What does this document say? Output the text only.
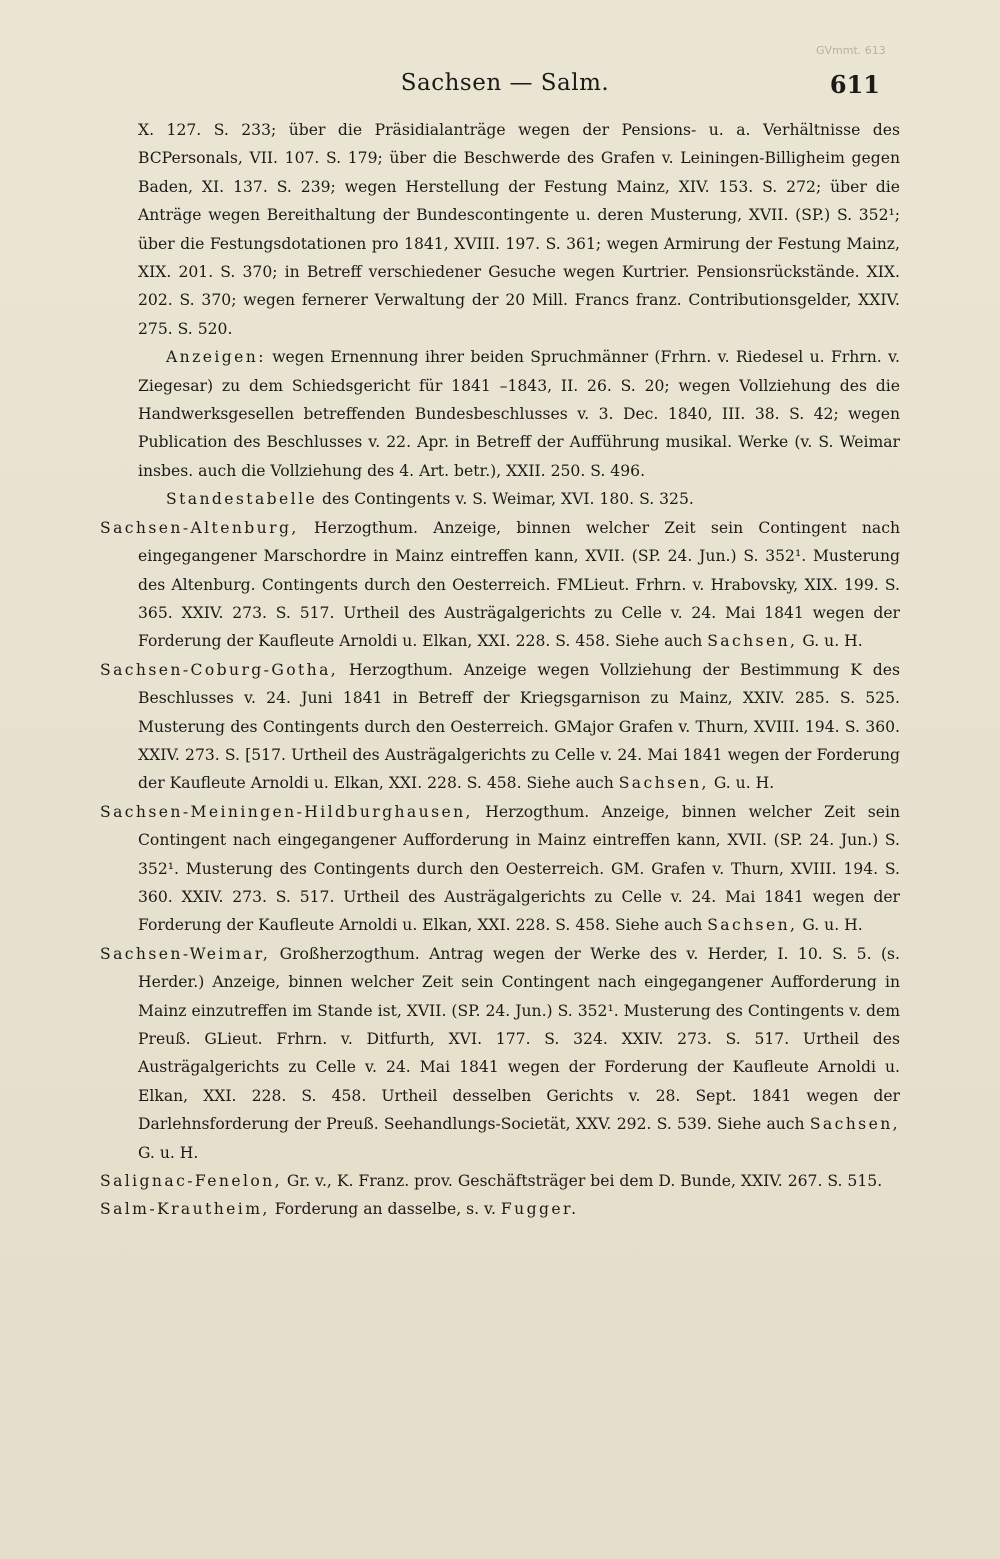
GVmmt. 613
Sachsen — Salm.	611

X. 127. S. 233; über die Präsidialanträge wegen der Pensions- u. a. Verhältnisse des BCPersonals, VII. 107. S. 179; über die Beschwerde des Grafen v. Leiningen-Billigheim gegen Baden, XI. 137. S. 239; wegen Herstellung der Festung Mainz, XIV. 153. S. 272; über die Anträge wegen Bereithaltung der Bundescontingente u. deren Musterung, XVII. (SP.) S. 352¹; über die Festungsdotationen pro 1841, XVIII. 197. S. 361; wegen Armirung der Festung Mainz, XIX. 201. S. 370; in Betreff verschiedener Gesuche wegen Kurtrier. Pensionsrückstände. XIX. 202. S. 370; wegen fernerer Verwaltung der 20 Mill. Francs franz. Contributionsgelder, XXIV. 275. S. 520.

Anzeigen: wegen Ernennung ihrer beiden Spruchmänner (Frhrn. v. Riedesel u. Frhrn. v. Ziegesar) zu dem Schiedsgericht für 1841 –1843, II. 26. S. 20; wegen Vollziehung des die Handwerksgesellen betreffenden Bundesbeschlusses v. 3. Dec. 1840, III. 38. S. 42; wegen Publication des Beschlusses v. 22. Apr. in Betreff der Aufführung musikal. Werke (v. S. Weimar insbes. auch die Vollziehung des 4. Art. betr.), XXII. 250. S. 496.

Standestabelle des Contingents v. S. Weimar, XVI. 180. S. 325.

Sachsen-Altenburg, Herzogthum. Anzeige, binnen welcher Zeit sein Contingent nach eingegangener Marschordre in Mainz eintreffen kann, XVII. (SP. 24. Jun.) S. 352¹. Musterung des Altenburg. Contingents durch den Oesterreich. FMLieut. Frhrn. v. Hrabovsky, XIX. 199. S. 365. XXIV. 273. S. 517. Urtheil des Austrägalgerichts zu Celle v. 24. Mai 1841 wegen der Forderung der Kaufleute Arnoldi u. Elkan, XXI. 228. S. 458. Siehe auch Sachsen, G. u. H.

Sachsen-Coburg-Gotha, Herzogthum. Anzeige wegen Vollziehung der Bestimmung K des Beschlusses v. 24. Juni 1841 in Betreff der Kriegsgarnison zu Mainz, XXIV. 285. S. 525. Musterung des Contingents durch den Oesterreich. GMajor Grafen v. Thurn, XVIII. 194. S. 360. XXIV. 273. S. [517. Urtheil des Austrägalgerichts zu Celle v. 24. Mai 1841 wegen der Forderung der Kaufleute Arnoldi u. Elkan, XXI. 228. S. 458. Siehe auch Sachsen, G. u. H.

Sachsen-Meiningen-Hildburghausen, Herzogthum. Anzeige, binnen welcher Zeit sein Contingent nach eingegangener Aufforderung in Mainz eintreffen kann, XVII. (SP. 24. Jun.) S. 352¹. Musterung des Contingents durch den Oesterreich. GM. Grafen v. Thurn, XVIII. 194. S. 360. XXIV. 273. S. 517. Urtheil des Austrägalgerichts zu Celle v. 24. Mai 1841 wegen der Forderung der Kaufleute Arnoldi u. Elkan, XXI. 228. S. 458. Siehe auch Sachsen, G. u. H.

Sachsen-Weimar, Großherzogthum. Antrag wegen der Werke des v. Herder, I. 10. S. 5. (s. Herder.) Anzeige, binnen welcher Zeit sein Contingent nach eingegangener Aufforderung in Mainz einzutreffen im Stande ist, XVII. (SP. 24. Jun.) S. 352¹. Musterung des Contingents v. dem Preuß. GLieut. Frhrn. v. Ditfurth, XVI. 177. S. 324. XXIV. 273. S. 517. Urtheil des Austrägalgerichts zu Celle v. 24. Mai 1841 wegen der Forderung der Kaufleute Arnoldi u. Elkan, XXI. 228. S. 458. Urtheil desselben Gerichts v. 28. Sept. 1841 wegen der Darlehnsforderung der Preuß. Seehandlungs-Societät, XXV. 292. S. 539. Siehe auch Sachsen, G. u. H.

Salignac-Fenelon, Gr. v., K. Franz. prov. Geschäftsträger bei dem D. Bunde, XXIV. 267. S. 515.

Salm-Krautheim, Forderung an dasselbe, s. v. Fugger.
